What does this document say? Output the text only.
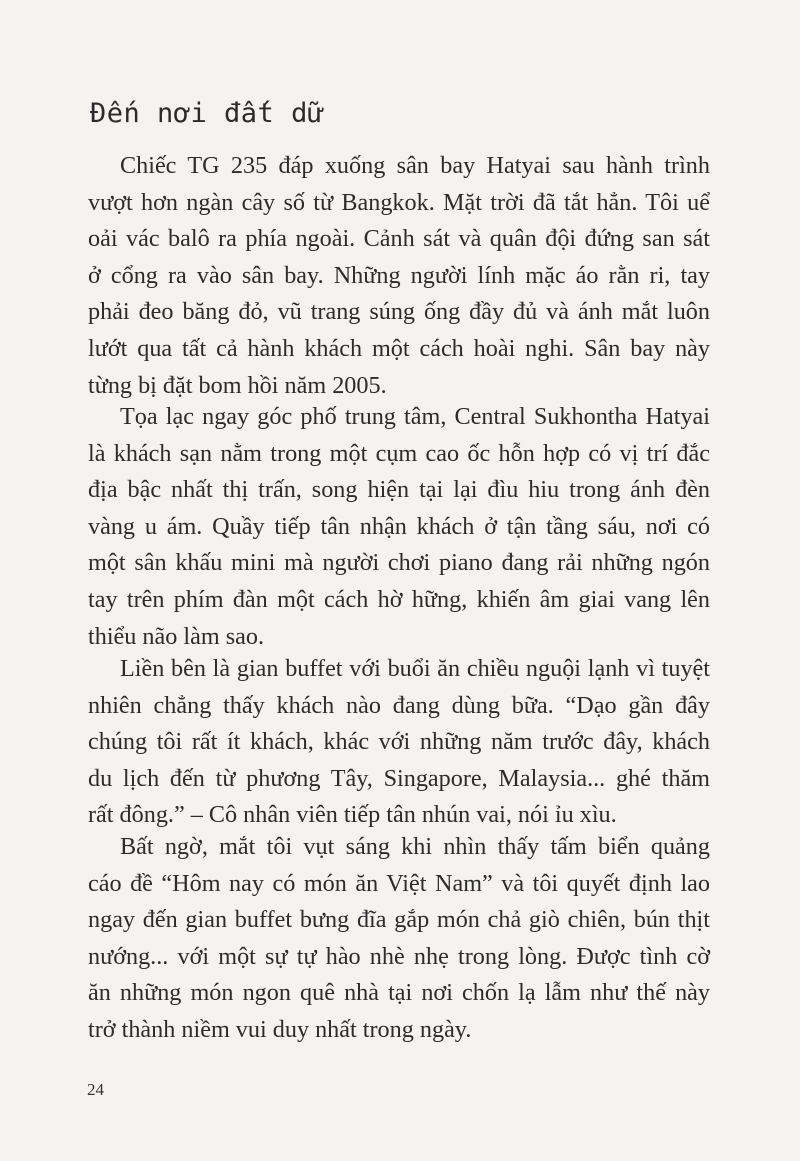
Đến nơi đất dữ
Chiếc TG 235 đáp xuống sân bay Hatyai sau hành trình
vượt hơn ngàn cây số từ Bangkok. Mặt trời đã tắt hẳn. Tôi uể
oải vác balô ra phía ngoài. Cảnh sát và quân đội đứng san sát
ở cổng ra vào sân bay. Những người lính mặc áo rằn ri, tay
phải đeo băng đỏ, vũ trang súng ống đầy đủ và ánh mắt luôn
lướt qua tất cả hành khách một cách hoài nghi. Sân bay này
từng bị đặt bom hồi năm 2005.
Tọa lạc ngay góc phố trung tâm, Central Sukhontha Hatyai
là khách sạn nằm trong một cụm cao ốc hỗn hợp có vị trí đắc
địa bậc nhất thị trấn, song hiện tại lại đìu hiu trong ánh đèn
vàng u ám. Quầy tiếp tân nhận khách ở tận tầng sáu, nơi có
một sân khấu mini mà người chơi piano đang rải những ngón
tay trên phím đàn một cách hờ hững, khiến âm giai vang lên
thiểu não làm sao.
Liền bên là gian buffet với buổi ăn chiều nguội lạnh vì tuyệt
nhiên chẳng thấy khách nào đang dùng bữa. “Dạo gần đây
chúng tôi rất ít khách, khác với những năm trước đây, khách
du lịch đến từ phương Tây, Singapore, Malaysia... ghé thăm
rất đông.” – Cô nhân viên tiếp tân nhún vai, nói ỉu xìu.
Bất ngờ, mắt tôi vụt sáng khi nhìn thấy tấm biển quảng
cáo đề “Hôm nay có món ăn Việt Nam” và tôi quyết định lao
ngay đến gian buffet bưng đĩa gắp món chả giò chiên, bún thịt
nướng... với một sự tự hào nhè nhẹ trong lòng. Được tình cờ
ăn những món ngon quê nhà tại nơi chốn lạ lẫm như thế này
trở thành niềm vui duy nhất trong ngày.
24
